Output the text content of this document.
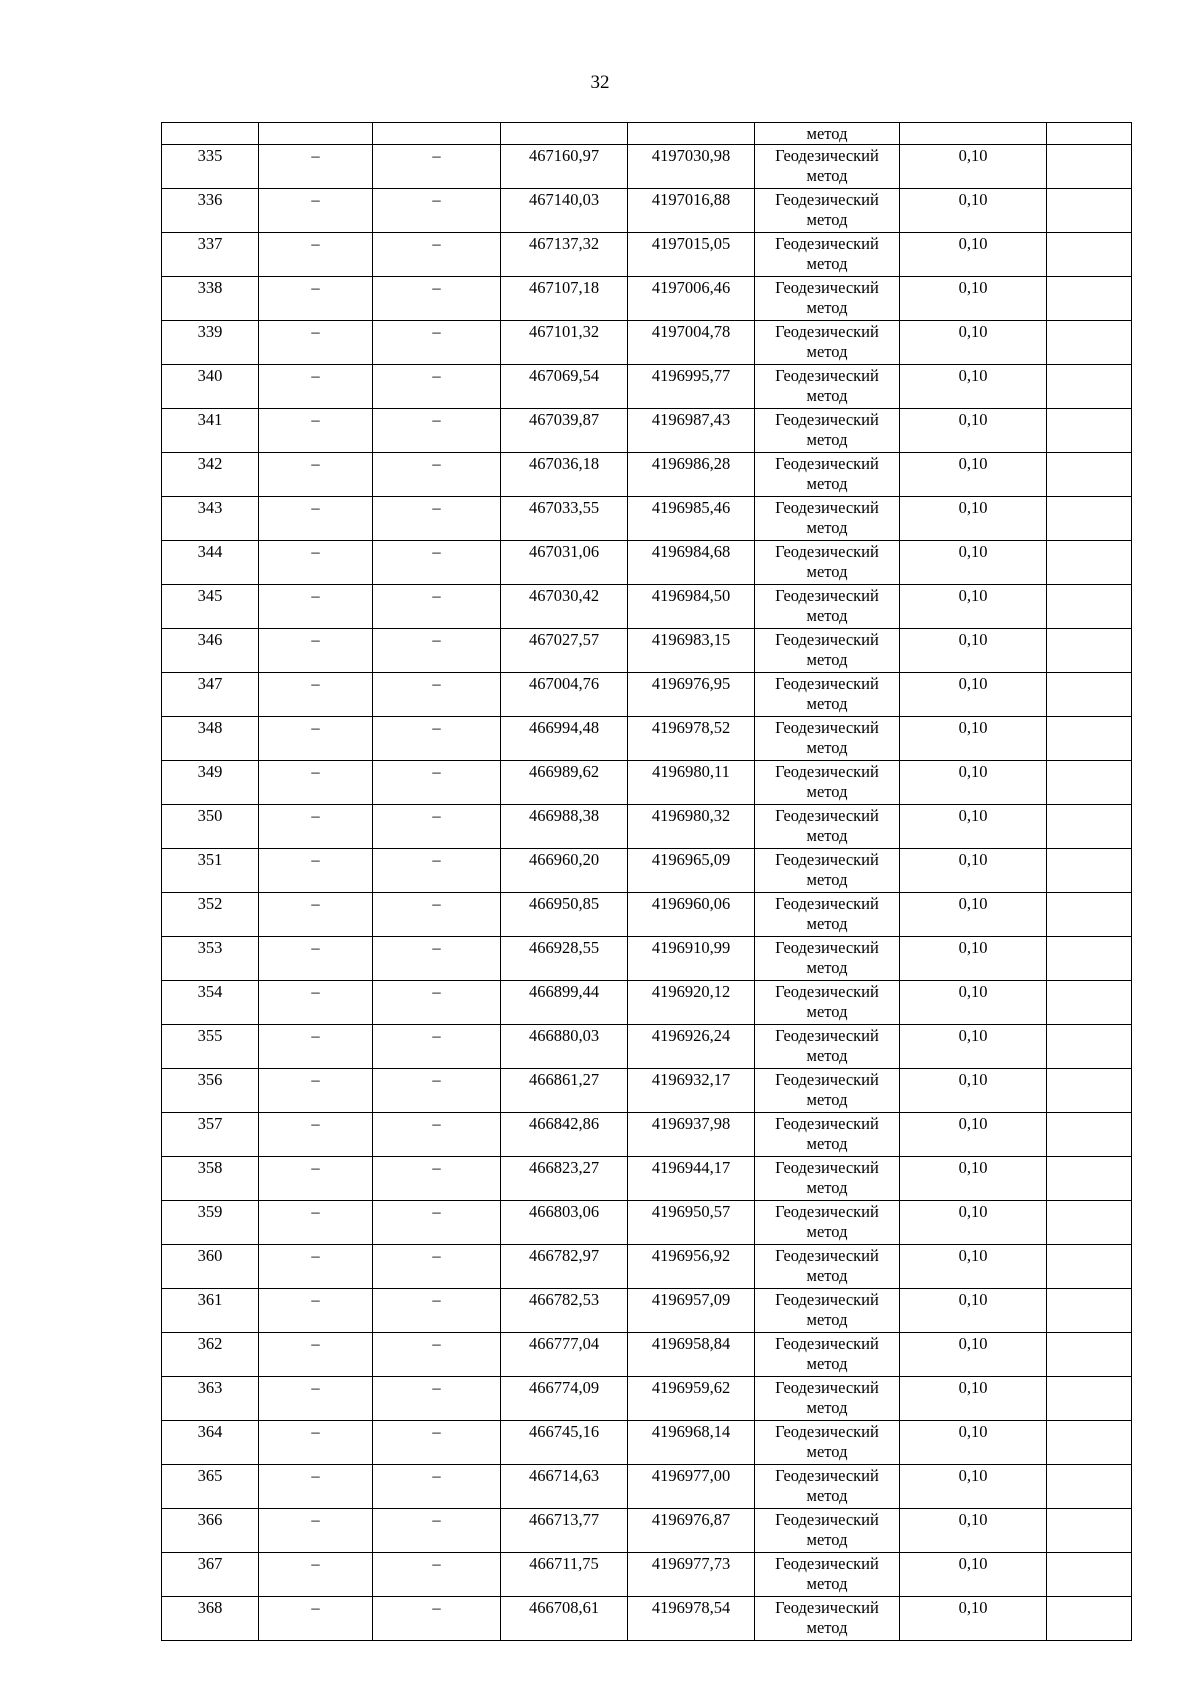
32
					метод		
335	–	–	467160,97	4197030,98	Геодезический метод	0,10	
336	–	–	467140,03	4197016,88	Геодезический метод	0,10	
337	–	–	467137,32	4197015,05	Геодезический метод	0,10	
338	–	–	467107,18	4197006,46	Геодезический метод	0,10	
339	–	–	467101,32	4197004,78	Геодезический метод	0,10	
340	–	–	467069,54	4196995,77	Геодезический метод	0,10	
341	–	–	467039,87	4196987,43	Геодезический метод	0,10	
342	–	–	467036,18	4196986,28	Геодезический метод	0,10	
343	–	–	467033,55	4196985,46	Геодезический метод	0,10	
344	–	–	467031,06	4196984,68	Геодезический метод	0,10	
345	–	–	467030,42	4196984,50	Геодезический метод	0,10	
346	–	–	467027,57	4196983,15	Геодезический метод	0,10	
347	–	–	467004,76	4196976,95	Геодезический метод	0,10	
348	–	–	466994,48	4196978,52	Геодезический метод	0,10	
349	–	–	466989,62	4196980,11	Геодезический метод	0,10	
350	–	–	466988,38	4196980,32	Геодезический метод	0,10	
351	–	–	466960,20	4196965,09	Геодезический метод	0,10	
352	–	–	466950,85	4196960,06	Геодезический метод	0,10	
353	–	–	466928,55	4196910,99	Геодезический метод	0,10	
354	–	–	466899,44	4196920,12	Геодезический метод	0,10	
355	–	–	466880,03	4196926,24	Геодезический метод	0,10	
356	–	–	466861,27	4196932,17	Геодезический метод	0,10	
357	–	–	466842,86	4196937,98	Геодезический метод	0,10	
358	–	–	466823,27	4196944,17	Геодезический метод	0,10	
359	–	–	466803,06	4196950,57	Геодезический метод	0,10	
360	–	–	466782,97	4196956,92	Геодезический метод	0,10	
361	–	–	466782,53	4196957,09	Геодезический метод	0,10	
362	–	–	466777,04	4196958,84	Геодезический метод	0,10	
363	–	–	466774,09	4196959,62	Геодезический метод	0,10	
364	–	–	466745,16	4196968,14	Геодезический метод	0,10	
365	–	–	466714,63	4196977,00	Геодезический метод	0,10	
366	–	–	466713,77	4196976,87	Геодезический метод	0,10	
367	–	–	466711,75	4196977,73	Геодезический метод	0,10	
368	–	–	466708,61	4196978,54	Геодезический метод	0,10	
